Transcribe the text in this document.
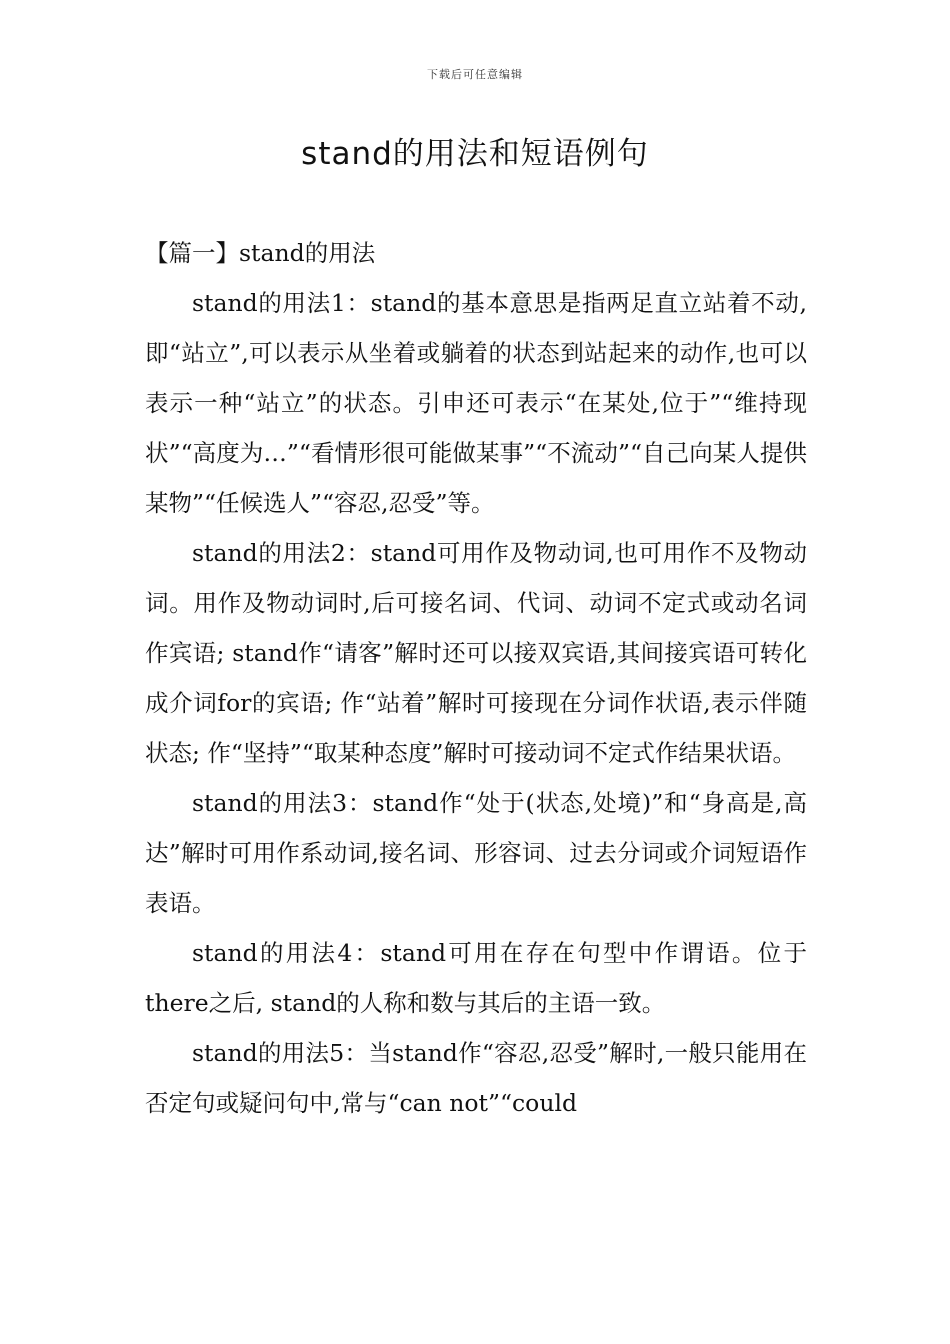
下载后可任意编辑
stand的用法和短语例句

【篇一】stand的用法

stand的用法1：stand的基本意思是指两足直立站着不动,即“站立”,可以表示从坐着或躺着的状态到站起来的动作,也可以表示一种“站立”的状态。引申还可表示“在某处,位于”“维持现状”“高度为…”“看情形很可能做某事”“不流动”“自己向某人提供某物”“任候选人”“容忍,忍受”等。

stand的用法2：stand可用作及物动词,也可用作不及物动词。用作及物动词时,后可接名词、代词、动词不定式或动名词作宾语; stand作“请客”解时还可以接双宾语,其间接宾语可转化成介词for的宾语; 作“站着”解时可接现在分词作状语,表示伴随状态; 作“坚持”“取某种态度”解时可接动词不定式作结果状语。

stand的用法3：stand作“处于(状态,处境)”和“身高是,高达”解时可用作系动词,接名词、形容词、过去分词或介词短语作表语。

stand的用法4：stand可用在存在句型中作谓语。位于there之后, stand的人称和数与其后的主语一致。

stand的用法5：当stand作“容忍,忍受”解时,一般只能用在否定句或疑问句中,常与“can not”“could
